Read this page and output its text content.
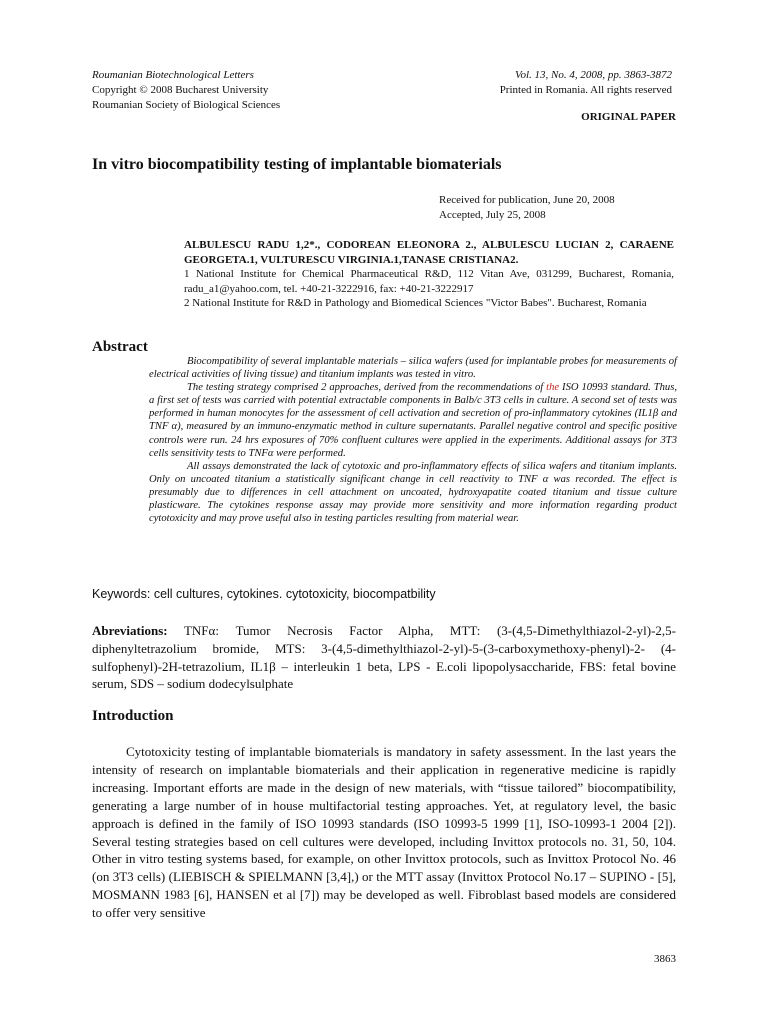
Roumanian Biotechnological Letters
Copyright © 2008 Bucharest University
Roumanian Society of Biological Sciences
Vol. 13, No. 4, 2008, pp. 3863-3872
Printed in Romania. All rights reserved
ORIGINAL PAPER
In vitro biocompatibility testing of implantable biomaterials
Received for publication, June 20, 2008
Accepted, July 25, 2008
ALBULESCU RADU 1,2*., CODOREAN ELEONORA 2., ALBULESCU LUCIAN 2, CARAENE GEORGETA.1, VULTURESCU VIRGINIA.1,TANASE CRISTIANA2.
1 National Institute for Chemical Pharmaceutical R&D, 112 Vitan Ave, 031299, Bucharest, Romania, radu_a1@yahoo.com, tel. +40-21-3222916, fax: +40-21-3222917
2 National Institute for R&D in Pathology and Biomedical Sciences "Victor Babes". Bucharest, Romania
Abstract

Biocompatibility of several implantable materials – silica wafers (used for implantable probes for measurements of electrical activities of living tissue) and titanium implants was tested in vitro.

The testing strategy comprised 2 approaches, derived from the recommendations of the ISO 10993 standard. Thus, a first set of tests was carried with potential extractable components in Balb/c 3T3 cells in culture. A second set of tests was performed in human monocytes for the assessment of cell activation and secretion of pro-inflammatory cytokines (IL1β and TNF α), measured by an immuno-enzymatic method in culture supernatants. Parallel negative control and specific positive controls were run. 24 hrs exposures of 70% confluent cultures were applied in the experiments. Additional assays for 3T3 cells sensitivity tests to TNFα were performed.

All assays demonstrated the lack of cytotoxic and pro-inflammatory effects of silica wafers and titanium implants. Only on uncoated titanium a statistically significant change in cell reactivity to TNF α was recorded. The effect is presumably due to differences in cell attachment on uncoated, hydroxyapatite coated titanium and tissue culture plasticware. The cytokines response assay may provide more sensitivity and more information regarding product cytotoxicity and may prove useful also in testing particles resulting from material wear.

Keywords: cell cultures, cytokines. cytotoxicity, biocompatbility
Abreviations: TNFα: Tumor Necrosis Factor Alpha, MTT: (3-(4,5-Dimethylthiazol-2-yl)-2,5-diphenyltetrazolium bromide, MTS: 3-(4,5-dimethylthiazol-2-yl)-5-(3-carboxymethoxy-phenyl)-2- (4-sulfophenyl)-2H-tetrazolium, IL1β – interleukin 1 beta, LPS - E.coli lipopolysaccharide, FBS: fetal bovine serum, SDS – sodium dodecylsulphate
Introduction

Cytotoxicity testing of implantable biomaterials is mandatory in safety assessment. In the last years the intensity of research on implantable biomaterials and their application in regenerative medicine is rapidly increasing. Important efforts are made in the design of new materials, with “tissue tailored” biocompatibility, generating a large number of in house multifactorial testing approaches. Yet, at regulatory level, the basic approach is defined in the family of ISO 10993 standards (ISO 10993-5 1999 [1], ISO-10993-1 2004 [2]). Several testing strategies based on cell cultures were developed, including Invittox protocols no. 31, 50, 104. Other in vitro testing systems based, for example, on other Invittox protocols, such as Invittox Protocol No. 46 (on 3T3 cells) (LIEBISCH & SPIELMANN [3,4],) or the MTT assay (Invittox Protocol No.17 – SUPINO - [5], MOSMANN 1983 [6], HANSEN et al [7]) may be developed as well. Fibroblast based models are considered to offer very sensitive

3863
